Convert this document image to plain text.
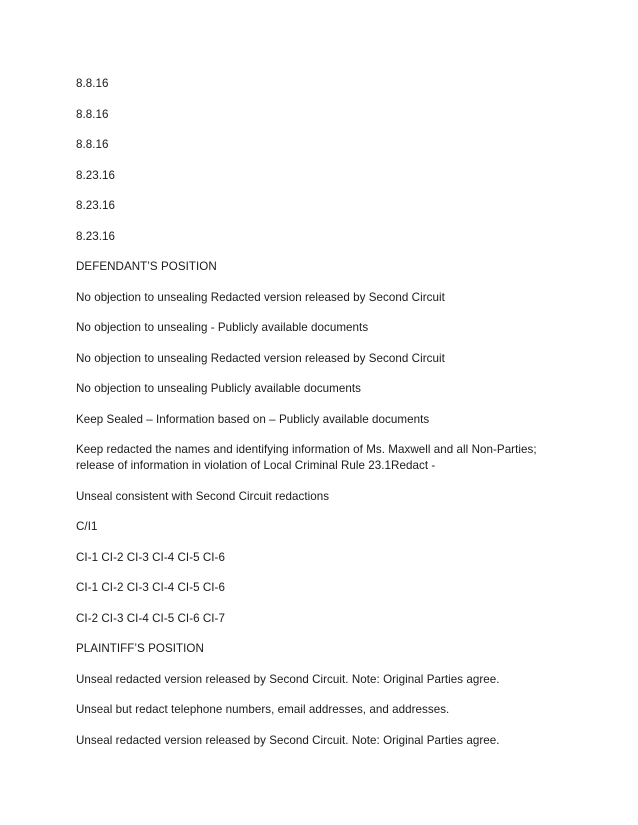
8.8.16

8.8.16

8.8.16

8.23.16

8.23.16

8.23.16

DEFENDANT’S POSITION

No objection to unsealing Redacted version released by Second Circuit

No objection to unsealing - Publicly available documents

No objection to unsealing Redacted version released by Second Circuit

No objection to unsealing Publicly available documents

Keep Sealed – Information based on – Publicly available documents

Keep redacted the names and identifying information of Ms. Maxwell and all Non-Parties;
release of information in violation of Local Criminal Rule 23.1Redact -

Unseal consistent with Second Circuit redactions

C/I1

CI-1 CI-2 CI-3 CI-4 CI-5 CI-6

CI-1 CI-2 CI-3 CI-4 CI-5 CI-6

CI-2 CI-3 CI-4 CI-5 CI-6 CI-7

PLAINTIFF’S POSITION

Unseal redacted version released by Second Circuit. Note: Original Parties agree.

Unseal but redact telephone numbers, email addresses, and addresses.

Unseal redacted version released by Second Circuit. Note: Original Parties agree.
